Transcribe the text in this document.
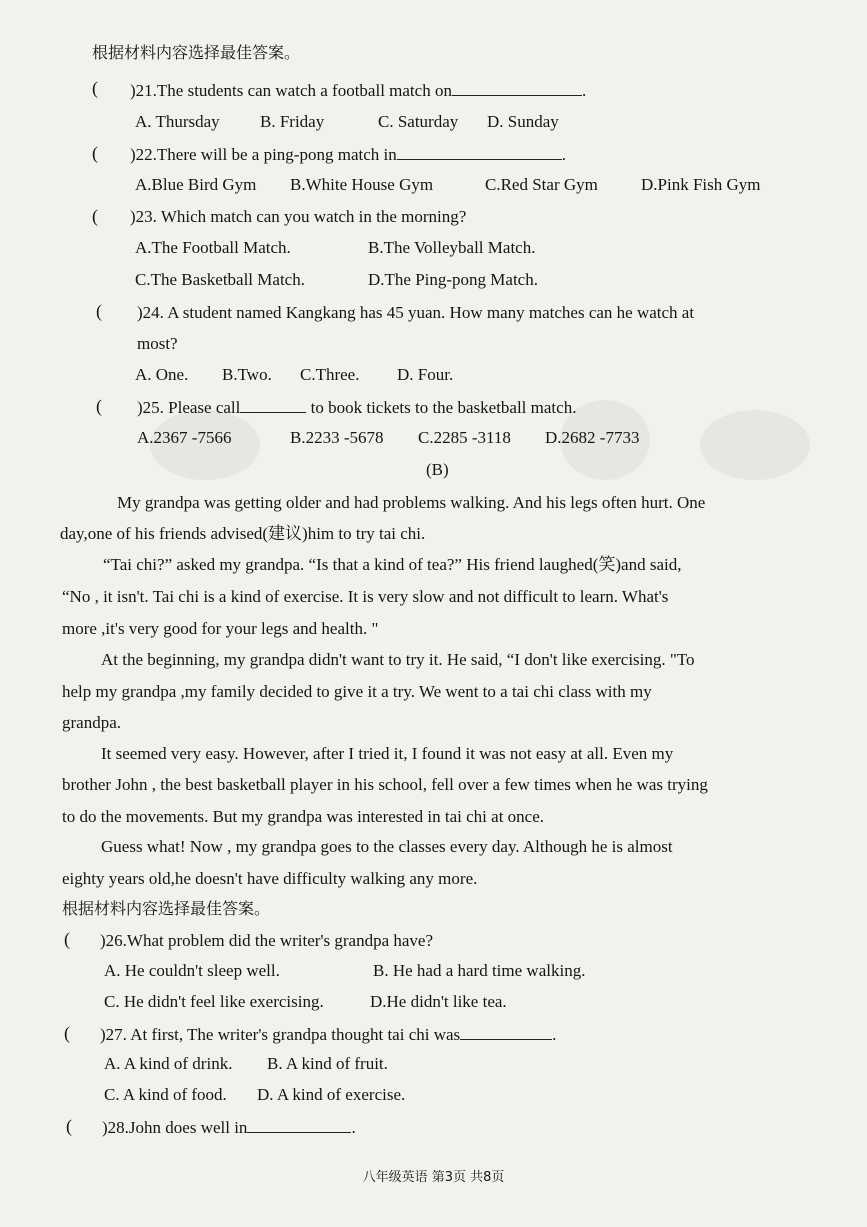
根据材料内容选择最佳答案。
( )21.The students can watch a football match on	.
A. Thursday B. Friday	C. Saturday D. Sunday
( )22.There will be a ping-pong match in	.
A.Blue Bird Gym B.White House Gym	C.Red Star Gym	D.Pink Fish Gym
( )23. Which match can you watch in the morning?
A.The Football Match.	B.The Volleyball Match.
C.The Basketball Match.	D.The Ping-pong Match.
( )24. A student named Kangkang has 45 yuan. How many matches can he watch at
most?
A. One. B.Two. C.Three. D. Four.
( )25. Please call	to book tickets to the basketball match.
A.2367 -7566	B.2233 -5678 C.2285 -3118 D.2682 -7733
(B)
My grandpa was getting older and had problems walking. And his legs often hurt. One
day,one of his friends advised(建议)him to try tai chi.
“Tai chi?” asked my grandpa. “Is that a kind of tea?” His friend laughed(笑)and said,
“No , it isn't. Tai chi is a kind of exercise. It is very slow and not difficult to learn. What's
more ,it's very good for your legs and health. "
At the beginning, my grandpa didn't want to try it. He said, “I don't like exercising. "To
help my grandpa ,my family decided to give it a try. We went to a tai chi class with my
grandpa.
It seemed very easy. However, after I tried it, I found it was not easy at all. Even my
brother John , the best basketball player in his school, fell over a few times when he was trying
to do the movements. But my grandpa was interested in tai chi at once.
Guess what! Now , my grandpa goes to the classes every day. Although he is almost
eighty years old,he doesn't have difficulty walking any more.
根据材料内容选择最佳答案。
( )26.What problem did the writer's grandpa have?
A. He couldn't sleep well.	B. He had a hard time walking.
C. He didn't feel like exercising.	D.He didn't like tea.
( )27. At first, The writer's grandpa thought tai chi was	.
A. A kind of drink. B. A kind of fruit.
C. A kind of food. D. A kind of exercise.
( )28.John does well in	.
八年级英语 第3页 共8页
